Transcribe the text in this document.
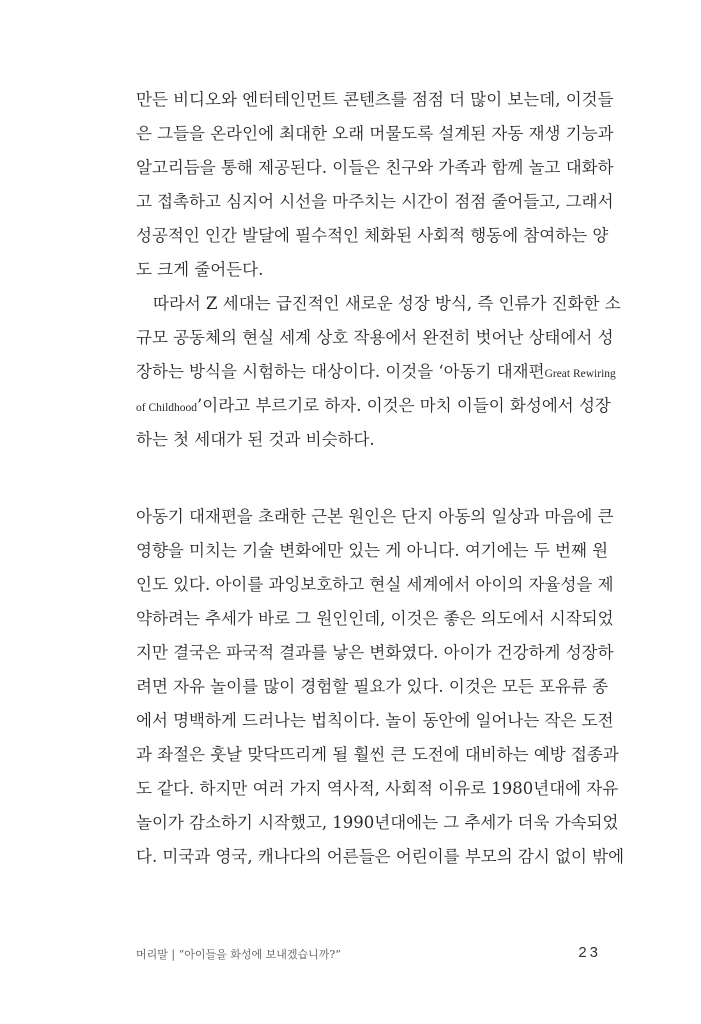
만든 비디오와 엔터테인먼트 콘텐츠를 점점 더 많이 보는데, 이것들
은 그들을 온라인에 최대한 오래 머물도록 설계된 자동 재생 기능과
알고리듬을 통해 제공된다. 이들은 친구와 가족과 함께 놀고 대화하
고 접촉하고 심지어 시선을 마주치는 시간이 점점 줄어들고, 그래서
성공적인 인간 발달에 필수적인 체화된 사회적 행동에 참여하는 양
도 크게 줄어든다.
따라서 Z 세대는 급진적인 새로운 성장 방식, 즉 인류가 진화한 소
규모 공동체의 현실 세계 상호 작용에서 완전히 벗어난 상태에서 성
장하는 방식을 시험하는 대상이다. 이것을 ‘아동기 대재편Great Rewiring
of Childhood’이라고 부르기로 하자. 이것은 마치 이들이 화성에서 성장
하는 첫 세대가 된 것과 비슷하다.
아동기 대재편을 초래한 근본 원인은 단지 아동의 일상과 마음에 큰
영향을 미치는 기술 변화에만 있는 게 아니다. 여기에는 두 번째 원
인도 있다. 아이를 과잉보호하고 현실 세계에서 아이의 자율성을 제
약하려는 추세가 바로 그 원인인데, 이것은 좋은 의도에서 시작되었
지만 결국은 파국적 결과를 낳은 변화였다. 아이가 건강하게 성장하
려면 자유 놀이를 많이 경험할 필요가 있다. 이것은 모든 포유류 종
에서 명백하게 드러나는 법칙이다. 놀이 동안에 일어나는 작은 도전
과 좌절은 훗날 맞닥뜨리게 될 훨씬 큰 도전에 대비하는 예방 접종과
도 같다. 하지만 여러 가지 역사적, 사회적 이유로 1980년대에 자유
놀이가 감소하기 시작했고, 1990년대에는 그 추세가 더욱 가속되었
다. 미국과 영국, 캐나다의 어른들은 어린이를 부모의 감시 없이 밖에
머리말 | “아이들을 화성에 보내겠습니까?”	23
